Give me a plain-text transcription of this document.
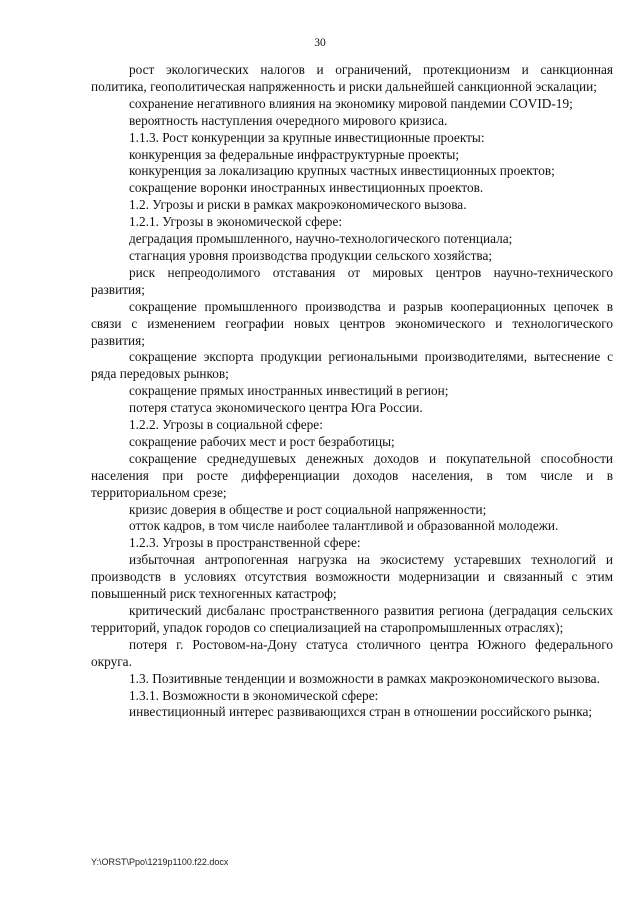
30

рост экологических налогов и ограничений, протекционизм и санкционная политика, геополитическая напряженность и риски дальнейшей санкционной эскалации;

сохранение негативного влияния на экономику мировой пандемии COVID-19;

вероятность наступления очередного мирового кризиса.

1.1.3. Рост конкуренции за крупные инвестиционные проекты:

конкуренция за федеральные инфраструктурные проекты;

конкуренция за локализацию крупных частных инвестиционных проектов;

сокращение воронки иностранных инвестиционных проектов.

1.2. Угрозы и риски в рамках макроэкономического вызова.

1.2.1. Угрозы в экономической сфере:

деградация промышленного, научно-технологического потенциала;

стагнация уровня производства продукции сельского хозяйства;

риск непреодолимого отставания от мировых центров научно-технического развития;

сокращение промышленного производства и разрыв кооперационных цепочек в связи с изменением географии новых центров экономического и технологического развития;

сокращение экспорта продукции региональными производителями, вытеснение с ряда передовых рынков;

сокращение прямых иностранных инвестиций в регион;

потеря статуса экономического центра Юга России.

1.2.2. Угрозы в социальной сфере:

сокращение рабочих мест и рост безработицы;

сокращение среднедушевых денежных доходов и покупательной способности населения при росте дифференциации доходов населения, в том числе и в территориальном срезе;

кризис доверия в обществе и рост социальной напряженности;

отток кадров, в том числе наиболее талантливой и образованной молодежи.

1.2.3. Угрозы в пространственной сфере:

избыточная антропогенная нагрузка на экосистему устаревших технологий и производств в условиях отсутствия возможности модернизации и связанный с этим повышенный риск техногенных катастроф;

критический дисбаланс пространственного развития региона (деградация сельских территорий, упадок городов со специализацией на старопромышленных отраслях);

потеря г. Ростовом-на-Дону статуса столичного центра Южного федерального округа.

1.3. Позитивные тенденции и возможности в рамках макроэкономического вызова.

1.3.1. Возможности в экономической сфере:

инвестиционный интерес развивающихся стран в отношении российского рынка;

Y:\ORST\Ppo\1219p1100.f22.docx
